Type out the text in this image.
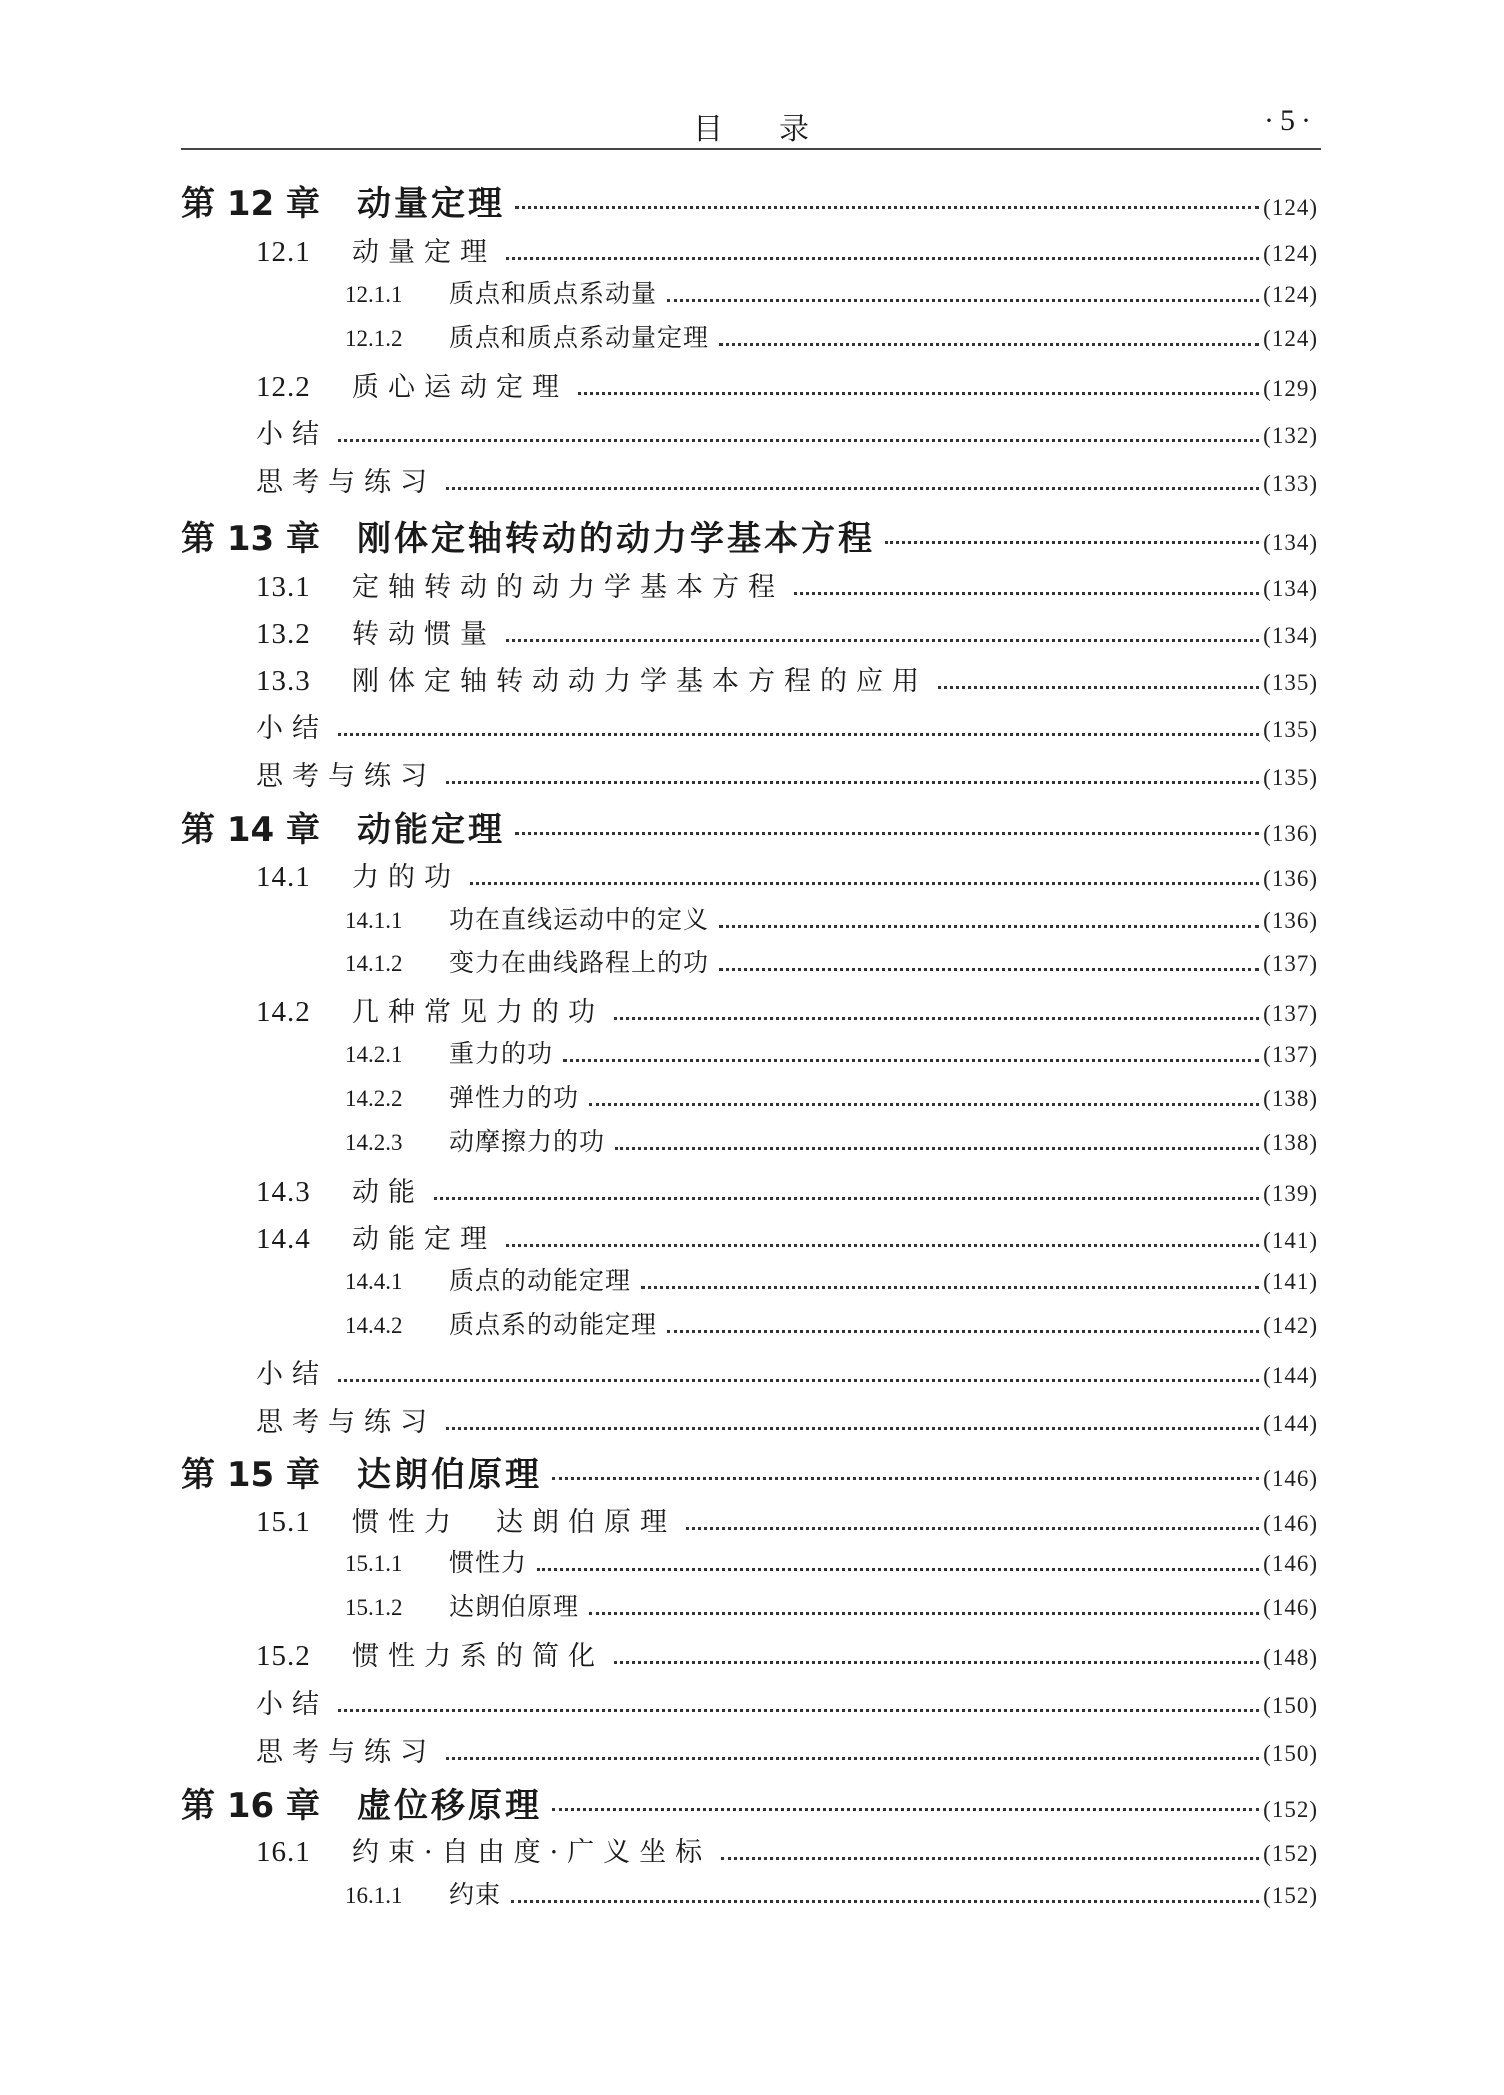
目录	·5·
第 12 章	动量定理	(124)
12.1	动量定理	(124)
12.1.1	质点和质点系动量	(124)
12.1.2	质点和质点系动量定理	(124)
12.2	质心运动定理	(129)
小结	(132)
思考与练习	(133)
第 13 章	刚体定轴转动的动力学基本方程	(134)
13.1	定轴转动的动力学基本方程	(134)
13.2	转动惯量	(134)
13.3	刚体定轴转动动力学基本方程的应用	(135)
小结	(135)
思考与练习	(135)
第 14 章	动能定理	(136)
14.1	力的功	(136)
14.1.1	功在直线运动中的定义	(136)
14.1.2	变力在曲线路程上的功	(137)
14.2	几种常见力的功	(137)
14.2.1	重力的功	(137)
14.2.2	弹性力的功	(138)
14.2.3	动摩擦力的功	(138)
14.3	动能	(139)
14.4	动能定理	(141)
14.4.1	质点的动能定理	(141)
14.4.2	质点系的动能定理	(142)
小结	(144)
思考与练习	(144)
第 15 章	达朗伯原理	(146)
15.1	惯性力　达朗伯原理	(146)
15.1.1	惯性力	(146)
15.1.2	达朗伯原理	(146)
15.2	惯性力系的简化	(148)
小结	(150)
思考与练习	(150)
第 16 章	虚位移原理	(152)
16.1	约束·自由度·广义坐标	(152)
16.1.1	约束	(152)
